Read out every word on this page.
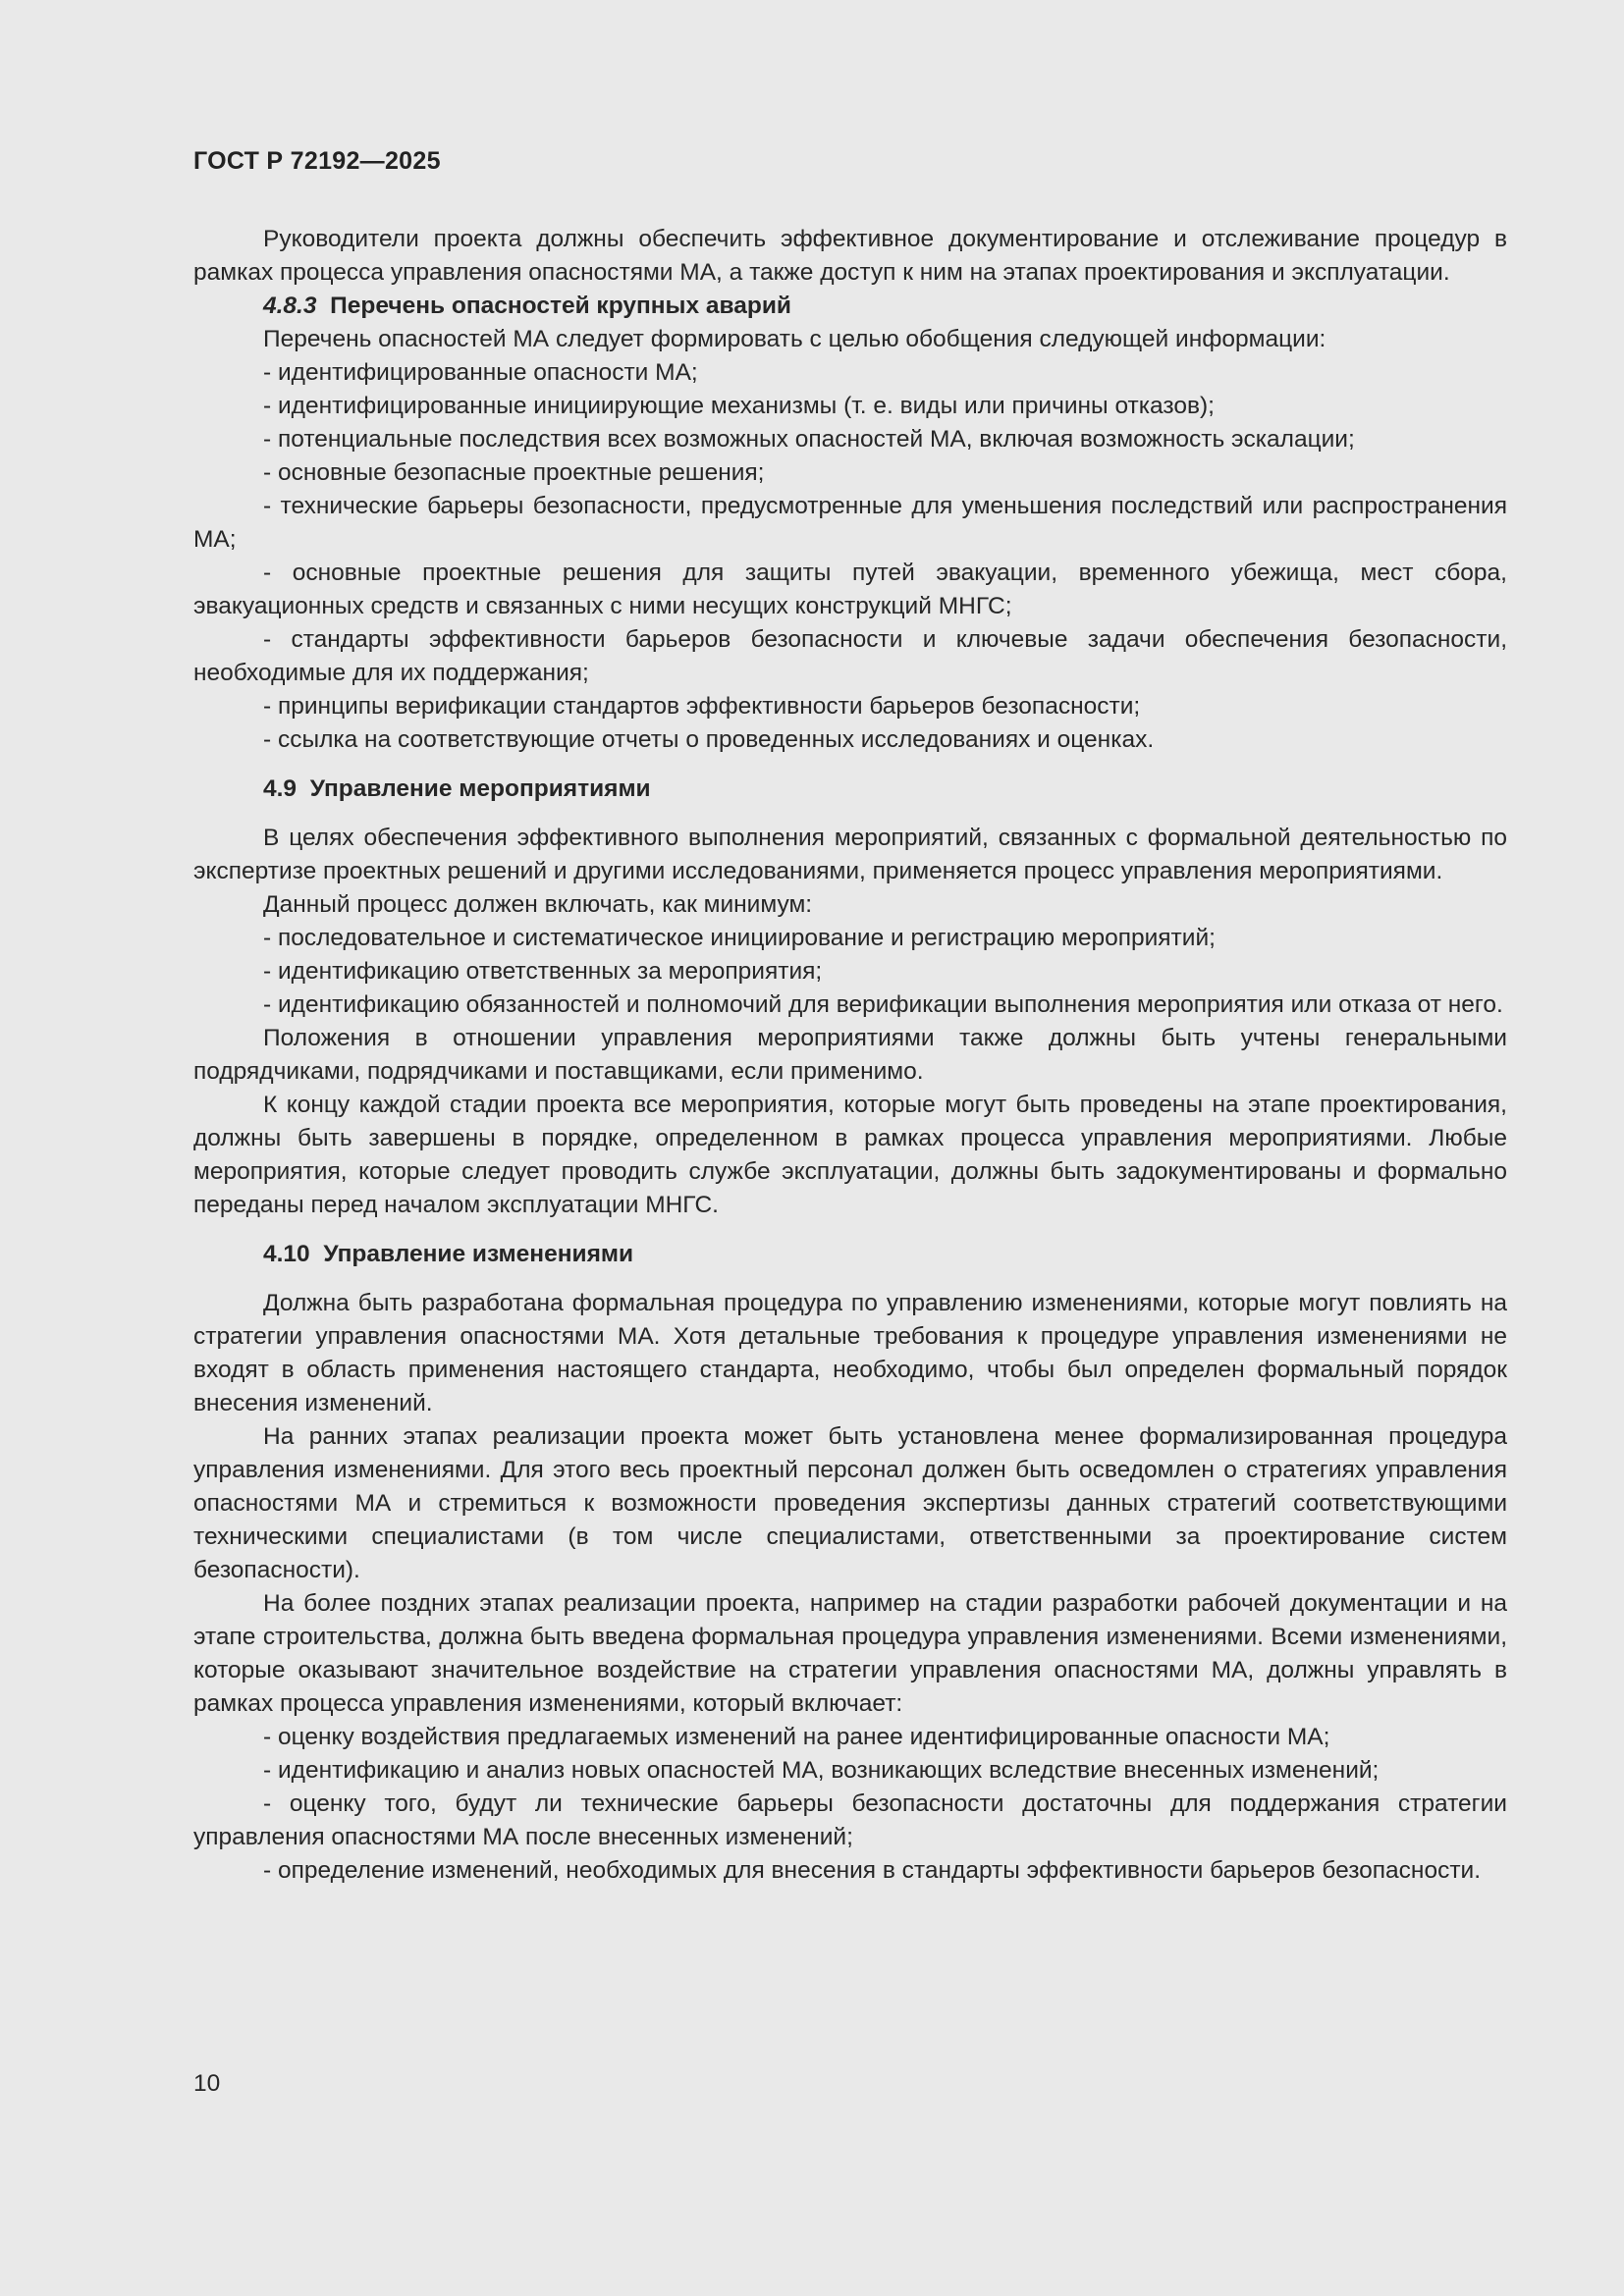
ГОСТ Р 72192—2025

Руководители проекта должны обеспечить эффективное документирование и отслеживание процедур в рамках процесса управления опасностями МА, а также доступ к ним на этапах проектирования и эксплуатации.

4.8.3 Перечень опасностей крупных аварий

Перечень опасностей МА следует формировать с целью обобщения следующей информации:

- идентифицированные опасности МА;

- идентифицированные инициирующие механизмы (т. е. виды или причины отказов);

- потенциальные последствия всех возможных опасностей МА, включая возможность эскалации;

- основные безопасные проектные решения;

- технические барьеры безопасности, предусмотренные для уменьшения последствий или распространения МА;

- основные проектные решения для защиты путей эвакуации, временного убежища, мест сбора, эвакуационных средств и связанных с ними несущих конструкций МНГС;

- стандарты эффективности барьеров безопасности и ключевые задачи обеспечения безопасности, необходимые для их поддержания;

- принципы верификации стандартов эффективности барьеров безопасности;

- ссылка на соответствующие отчеты о проведенных исследованиях и оценках.

4.9 Управление мероприятиями

В целях обеспечения эффективного выполнения мероприятий, связанных с формальной деятельностью по экспертизе проектных решений и другими исследованиями, применяется процесс управления мероприятиями.

Данный процесс должен включать, как минимум:

- последовательное и систематическое инициирование и регистрацию мероприятий;

- идентификацию ответственных за мероприятия;

- идентификацию обязанностей и полномочий для верификации выполнения мероприятия или отказа от него.

Положения в отношении управления мероприятиями также должны быть учтены генеральными подрядчиками, подрядчиками и поставщиками, если применимо.

К концу каждой стадии проекта все мероприятия, которые могут быть проведены на этапе проектирования, должны быть завершены в порядке, определенном в рамках процесса управления мероприятиями. Любые мероприятия, которые следует проводить службе эксплуатации, должны быть задокументированы и формально переданы перед началом эксплуатации МНГС.

4.10 Управление изменениями

Должна быть разработана формальная процедура по управлению изменениями, которые могут повлиять на стратегии управления опасностями МА. Хотя детальные требования к процедуре управления изменениями не входят в область применения настоящего стандарта, необходимо, чтобы был определен формальный порядок внесения изменений.

На ранних этапах реализации проекта может быть установлена менее формализированная процедура управления изменениями. Для этого весь проектный персонал должен быть осведомлен о стратегиях управления опасностями МА и стремиться к возможности проведения экспертизы данных стратегий соответствующими техническими специалистами (в том числе специалистами, ответственными за проектирование систем безопасности).

На более поздних этапах реализации проекта, например на стадии разработки рабочей документации и на этапе строительства, должна быть введена формальная процедура управления изменениями. Всеми изменениями, которые оказывают значительное воздействие на стратегии управления опасностями МА, должны управлять в рамках процесса управления изменениями, который включает:

- оценку воздействия предлагаемых изменений на ранее идентифицированные опасности МА;

- идентификацию и анализ новых опасностей МА, возникающих вследствие внесенных изменений;

- оценку того, будут ли технические барьеры безопасности достаточны для поддержания стратегии управления опасностями МА после внесенных изменений;

- определение изменений, необходимых для внесения в стандарты эффективности барьеров безопасности.

10
